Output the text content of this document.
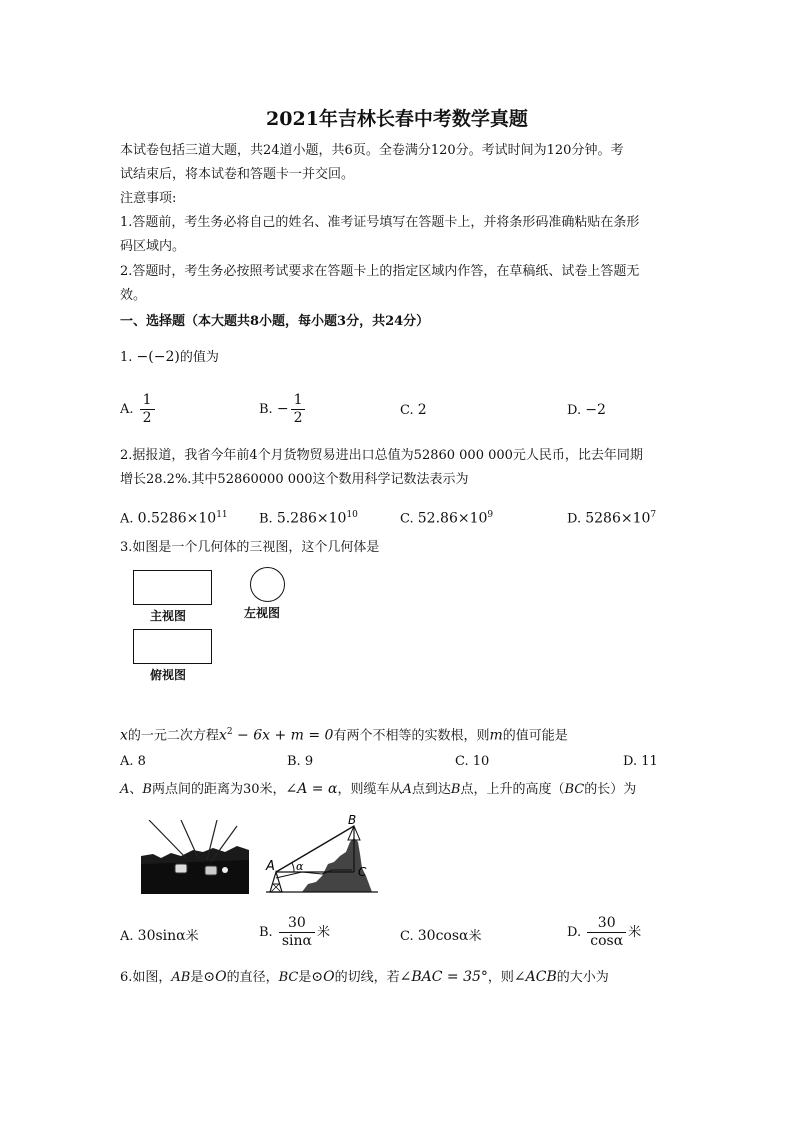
2021年吉林长春中考数学真题
本试卷包括三道大题，共24道小题，共6页。全卷满分120分。考试时间为120分钟。考
试结束后，将本试卷和答题卡一并交回。
注意事项:
1.答题前，考生务必将自己的姓名、准考证号填写在答题卡上，并将条形码准确粘贴在条形
码区域内。
2.答题时，考生务必按照考试要求在答题卡上的指定区域内作答，在草稿纸、试卷上答题无
效。
一、选择题（本大题共8小题，每小题3分，共24分）
1. −(−2)的值为
A. $\frac{1}{2}$	B. − $\frac{1}{2}$	C. 2	D. −2
2.据报道，我省今年前4个月货物贸易进出口总值为52860 000 000元人民币，比去年同期
增长28.2%.其中52860000 000这个数用科学记数法表示为
A. $0.5286\times 10^{11}$ B. $5.286\times 10^{10}$	C. $52.86\times 10^9$	D. $5286\times 10^7$
3.如图是一个几何体的三视图，这个几何体是
主视图	左视图
俯视图
x的一元二次方程$x^2 - 6x + m = 0$有两个不相等的实数根，则m的值可能是
A. 8	B. 9	C. 10	D. 11
A、B两点间的距离为30米，∠A = α，则缆车从A点到达B点，上升的高度（BC的长）为
A
B
C
α
A. 30sinα米	B. $\frac{30}{\sin\alpha}$ 米	C. 30cosα米	D. $\frac{30}{\cos\alpha}$ 米
6.如图，AB是⊙O的直径，BC是⊙O的切线，若∠BAC = 35°，则∠ACB的大小为
